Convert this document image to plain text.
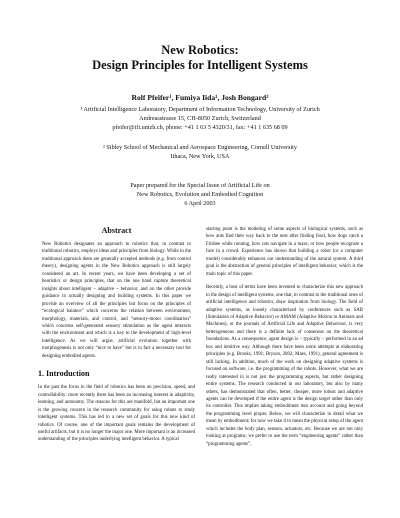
New Robotics:
Design Principles for Intelligent Systems
Rolf Pfeifer¹, Fumiya Iida¹, Josh Bongard²
¹ Artificial Intelligence Laboratory, Department of Information Technology, University of Zurich
Andreasstrasse 15, CH-8050 Zurich, Switzerland
pfeifer@ifi.unizh.ch, phone: +41 1 63 5 4320/31, fax: +41 1 635 68 09
² Sibley School of Mechanical and Aerospace Engineering, Cornell University
Ithaca, New York, USA
Paper prepared for the Special Issue of Artificial Life on
New Robotics, Evolution and Embodied Cognition
6 April 2003
Abstract

New Robotics designates an approach to robotics that, in contrast to traditional robotics, employs ideas and principles from biology. While in the traditional approach there are generally accepted methods (e.g. from control theory), designing agents in the New Robotics approach is still largely considered an art. In recent years, we have been developing a set of heuristics or design principles, that on the one hand capture theoretical insights about intelligent – adaptive – behavior, and on the other provide guidance in actually designing and building systems. In this paper we provide an overview of all the principles but focus on the principles of “ecological balance” which concerns the relation between environment, morphology, materials, and control, and “sensory-motor coordination” which concerns self-generated sensory stimulation as the agent interacts with the environment and which is a key to the development of high-level intelligence. As we will argue, artificial evolution together with morphogenesis is not only “nice to have” but is in fact a necessary tool for designing embodied agents.

1. Introduction

In the past the focus in the field of robotics has been on precision, speed, and controllability: more recently there has been an increasing interest in adaptivity, learning, and autonomy. The reasons for this are manifold, but an important one is the growing concern in the research community for using robots to study intelligent systems. This has led to a new set of goals for this new kind of robotics. Of course, one of the important goals remains the development of useful artifacts, but it is no longer the major one. More important is an increased understanding of the principles underlying intelligent behavior. A typical

starting point is the modeling of some aspects of biological systems, such as how ants find their way back to the nest after finding food, how dogs catch a Frisbee while running, how rats navigate in a maze, or how people recognize a face in a crowd. Experience has shown that building a robot (or a computer model) considerably enhances our understanding of the natural system. A third goal is the abstraction of general principles of intelligent behavior, which is the main topic of this paper.

Recently, a host of terms have been invented to characterize this new approach to the design of intelligent systems, one that, in contrast to the traditional ones of artificial intelligence and robotics, draw inspiration from biology. The field of adaptive systems, as loosely characterized by conferences such as SAB (Simulation of Adaptive Behavior) or AMAM (Adaptive Motion in Animals and Machines), or the journals of Artificial Life and Adaptive Behaviour, is very heterogeneous and there is a definite lack of consensus on the theoretical foundations. As a consequence, agent design is – typically – performed in an ad hoc and intuitive way. Although there have been some attempts at elaborating principles (e.g. Brooks, 1991; Bryson, 2002; Maes, 1991), general agreement is still lacking. In addition, much of the work on designing adaptive systems is focused on software, i.e. the programming of the robots. However, what we are really interested in is not just the programming aspects, but rather designing entire systems. The research conducted in our laboratory, but also by many others, has demonstrated that often, better, cheaper, more robust and adaptive agents can be developed if the entire agent is the design target rather than only its controller. This implies taking embodiment into account and going beyond the programming level proper. Below, we will characterize in detail what we mean by embodiment; for now we take it to mean the physical setup of the agent which includes the body plan, sensors, actuators, etc. Because we are not only looking at programs, we prefer to use the term “engineering agents” rather than “programming agents”,
